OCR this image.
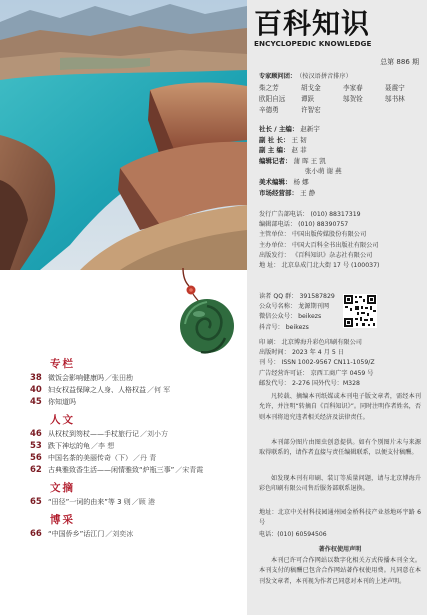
专栏
38 微饭会影响健康吗 ／张田勘
40 妇女权益保障之人身、人格权益 ／何 军
45 你知道吗
人文
46 从权杖到笏杖——手杖旅行记 ／刘小方
53 跌下神坛的龟 ／李 想
56 中国名茶的美丽传奇（下） ／丹 青
62 古典雅致香生活——闲情雅致“炉瓶三事” ／宋青霞
文摘
65 “田径”一词的由来”等 3 则 ／顾 港
博采
66 “中国侨乡”话江门 ／刘奕冰
百科知识
ENCYCLOPEDIC KNOWLEDGE
总第 886 期
专家顾问团： （按汉语拼音排序）
柴之芳	胡戈金	李家春	聂震宁
欧阳自远	谭跃	邬贺铨	邬书林
辛德勇	许智宏
社长 / 主编： 赵新宇
副 社 长： 王 韧
副 主 编： 赵 菲
编辑记者： 蒲 晖 王 凯
张小萌 谢 燕
美术编辑： 杨 娜
市场经营部： 王 静
发行广告部电话： (010) 88317319
编辑部电话： (010) 88390757
主管单位： 中国出版传媒股份有限公司
主办单位： 中国大百科全书出版社有限公司
出版发行： 《百科知识》杂志社有限公司
地 址： 北京阜成门北大街 17 号 (100037)
读者 QQ 群： 391587829
公众号名称： 龙源期刊网
微信公众号： beikezs
抖音号： beikezs
印 刷： 北京博海升彩色印刷有限公司
出版时间： 2023 年 4 月 5 日
刊 号： ISSN 1002-9567 CN11-1059/Z
广告经营许可证： 京西工商广字 0459 号
邮发代号： 2-276 国外代号：M328
凡转载、摘编本刊纸媒或本刊电子版文章者，需经本刊允许，并注明“转摘自《百科知识》”。同时注明作者姓名，否则本刊将追究违者相关经济及法律责任。
本刊部分图片由图虫创意提供。如有个别图片未与来源取得联系的，请作者直接与责任编辑联系，以便支付稿酬。
如发现本刊有印刷、装订等质量问题，请与北京博海升彩色印刷有限公司售后服务部联系退换。
地址：北京中关村科技园通州园金桥科技产业基地环宇路 6 号
电话：(010) 60594506
著作权使用声明
本刊已许可合作网站以数字化相关方式传播本刊全文。本刊支付的稿酬已包含合作网站著作权使用费。凡同意在本刊发文章者，本刊视为作者已同意对本刊的上述声明。
